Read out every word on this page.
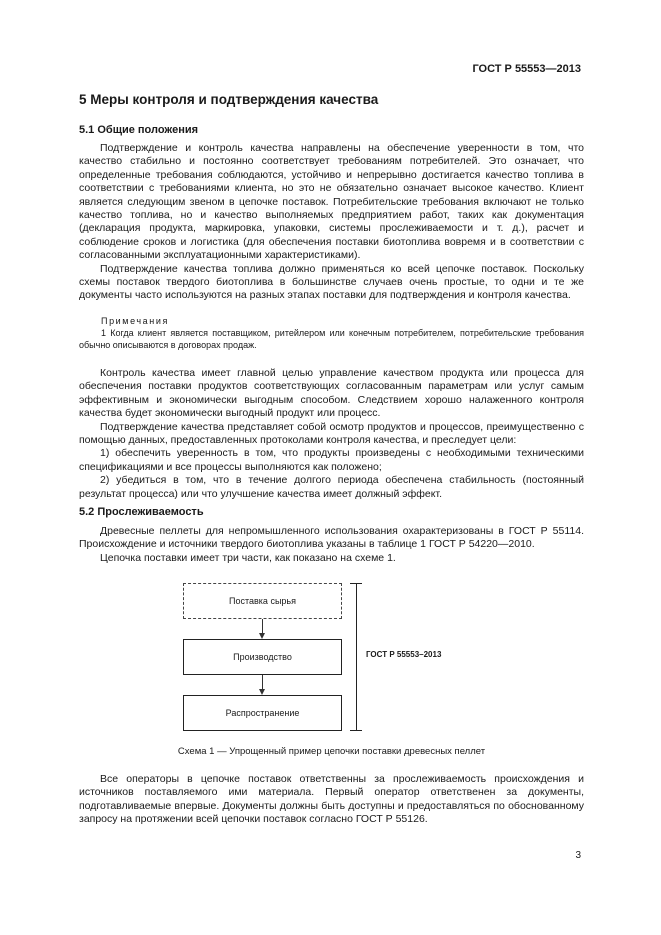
ГОСТ Р 55553—2013
5 Меры контроля и подтверждения качества
5.1 Общие положения

Подтверждение и контроль качества направлены на обеспечение уверенности в том, что качество стабильно и постоянно соответствует требованиям потребителей. Это означает, что определенные требования соблюдаются, устойчиво и непрерывно достигается качество топлива в соответствии с требованиями клиента, но это не обязательно означает высокое качество. Клиент является следующим звеном в цепочке поставок. Потребительские требования включают не только качество топлива, но и качество выполняемых предприятием работ, таких как документация (декларация продукта, маркировка, упаковки, системы прослеживаемости и т. д.), расчет и соблюдение сроков и логистика (для обеспечения поставки биотоплива вовремя и в соответствии с согласованными эксплуатационными характеристиками).

Подтверждение качества топлива должно применяться ко всей цепочке поставок. Поскольку схемы поставок твердого биотоплива в большинстве случаев очень простые, то одни и те же документы часто используются на разных этапах поставки для подтверждения и контроля качества.

Примечания

1 Когда клиент является поставщиком, ритейлером или конечным потребителем, потребительские требования обычно описываются в договорах продаж.

Контроль качества имеет главной целью управление качеством продукта или процесса для обеспечения поставки продуктов соответствующих согласованным параметрам или услуг самым эффективным и экономически выгодным способом. Следствием хорошо налаженного контроля качества будет экономически выгодный продукт или процесс.

Подтверждение качества представляет собой осмотр продуктов и процессов, преимущественно с помощью данных, предоставленных протоколами контроля качества, и преследует цели:

1) обеспечить уверенность в том, что продукты произведены с необходимыми техническими спецификациями и все процессы выполняются как положено;

2) убедиться в том, что в течение долгого периода обеспечена стабильность (постоянный результат процесса) или что улучшение качества имеет должный эффект.

5.2 Прослеживаемость

Древесные пеллеты для непромышленного использования охарактеризованы в ГОСТ Р 55114. Происхождение и источники твердого биотоплива указаны в таблице 1 ГОСТ Р 54220—2010.

Цепочка поставки имеет три части, как показано на схеме 1.

Поставка сырья
Производство
Распространение
ГОСТ Р 55553–2013
Схема 1 — Упрощенный пример цепочки поставки древесных пеллет

Все операторы в цепочке поставок ответственны за прослеживаемость происхождения и источников поставляемого ими материала. Первый оператор ответственен за документы, подготавливаемые впервые. Документы должны быть доступны и предоставляться по обоснованному запросу на протяжении всей цепочки поставок согласно ГОСТ Р 55126.

3
